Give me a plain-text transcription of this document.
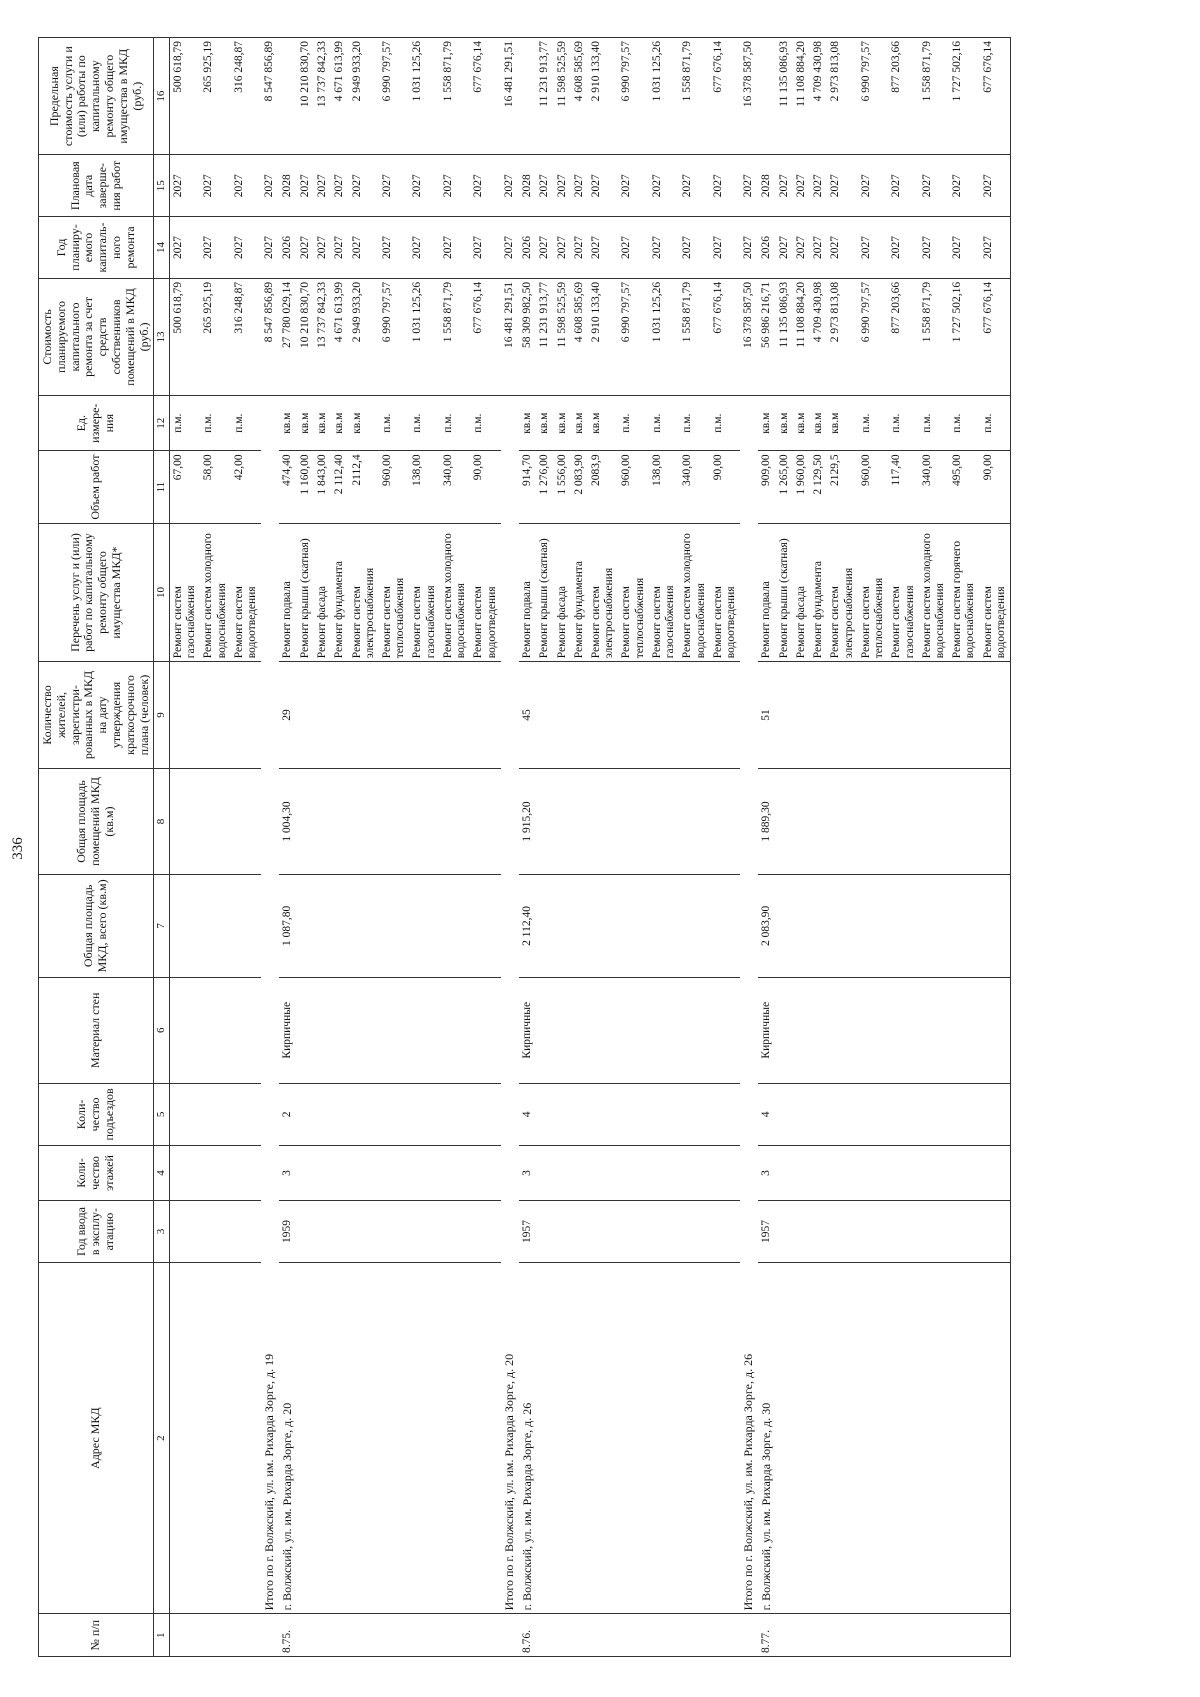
336
№ п/п	Адрес МКД	Год ввода в эксплу-атацию	Коли-чество этажей	Коли-чество подъездов	Материал стен	Общая площадь МКД, всего (кв.м)	Общая площадь помещений МКД (кв.м)	Количество жителей, зарегистри-рованных в МКД на дату утверждения краткосрочного плана (человек)	Перечень услуг и (или) работ по капитальному ремонту общего имущества МКД*	Объем работ	Ед. измере-ния	Стоимость планируемого капитального ремонта за счет средств собственников помещений в МКД (руб.)	Год планиру-емого капиталь-ного ремонта	Плановая дата заверше-ния работ	Предельная стоимость услуги и (или) работы по капитальному ремонту общего имущества в МКД (руб.)
1	2	3	4	5	6	7	8	9	10	11	12	13	14	15	16
									Ремонт систем газоснабжения	67,00	п.м.	500 618,79	2027	2027	500 618,79
									Ремонт систем холодного водоснабжения	58,00	п.м.	265 925,19	2027	2027	265 925,19
									Ремонт систем водоотведения	42,00	п.м.	316 248,87	2027	2027	316 248,87
	Итого по г. Волжский, ул. им. Рихарда Зорге, д. 19											8 547 856,89	2027	2027	8 547 856,89
8.75.	г. Волжский, ул. им. Рихарда Зорге, д. 20	1959	3	2	Кирпичные	1 087,80	1 004,30	29	Ремонт подвала	474,40	кв.м	27 780 029,14	2026	2028	
									Ремонт крыши (скатная)	1 160,00	кв.м	10 210 830,70	2027	2027	10 210 830,70
									Ремонт фасада	1 843,00	кв.м	13 737 842,33	2027	2027	13 737 842,33
									Ремонт фундамента	2 112,40	кв.м	4 671 613,99	2027	2027	4 671 613,99
									Ремонт систем электроснабжения	2112,4	кв.м	2 949 933,20	2027	2027	2 949 933,20
									Ремонт систем теплоснабжения	960,00	п.м.	6 990 797,57	2027	2027	6 990 797,57
									Ремонт систем газоснабжения	138,00	п.м.	1 031 125,26	2027	2027	1 031 125,26
									Ремонт систем холодного водоснабжения	340,00	п.м.	1 558 871,79	2027	2027	1 558 871,79
									Ремонт систем водоотведения	90,00	п.м.	677 676,14	2027	2027	677 676,14
	Итого по г. Волжский, ул. им. Рихарда Зорге, д. 20											16 481 291,51	2027	2027	16 481 291,51
8.76.	г. Волжский, ул. им. Рихарда Зорге, д. 26	1957	3	4	Кирпичные	2 112,40	1 915,20	45	Ремонт подвала	914,70	кв.м	58 309 982,50	2026	2028	
									Ремонт крыши (скатная)	1 276,00	кв.м	11 231 913,77	2027	2027	11 231 913,77
									Ремонт фасада	1 556,00	кв.м	11 598 525,59	2027	2027	11 598 525,59
									Ремонт фундамента	2 083,90	кв.м	4 608 585,69	2027	2027	4 608 585,69
									Ремонт систем электроснабжения	2083,9	кв.м	2 910 133,40	2027	2027	2 910 133,40
									Ремонт систем теплоснабжения	960,00	п.м.	6 990 797,57	2027	2027	6 990 797,57
									Ремонт систем газоснабжения	138,00	п.м.	1 031 125,26	2027	2027	1 031 125,26
									Ремонт систем холодного водоснабжения	340,00	п.м.	1 558 871,79	2027	2027	1 558 871,79
									Ремонт систем водоотведения	90,00	п.м.	677 676,14	2027	2027	677 676,14
	Итого по г. Волжский, ул. им. Рихарда Зорге, д. 26											16 378 587,50	2027	2027	16 378 587,50
8.77.	г. Волжский, ул. им. Рихарда Зорге, д. 30	1957	3	4	Кирпичные	2 083,90	1 889,30	51	Ремонт подвала	909,00	кв.м	56 986 216,71	2026	2028	
									Ремонт крыши (скатная)	1 265,00	кв.м	11 135 086,93	2027	2027	11 135 086,93
									Ремонт фасада	1 960,00	кв.м	11 108 884,20	2027	2027	11 108 884,20
									Ремонт фундамента	2 129,50	кв.м	4 709 430,98	2027	2027	4 709 430,98
									Ремонт систем электроснабжения	2129,5	кв.м	2 973 813,08	2027	2027	2 973 813,08
									Ремонт систем теплоснабжения	960,00	п.м.	6 990 797,57	2027	2027	6 990 797,57
									Ремонт систем газоснабжения	117,40	п.м.	877 203,66	2027	2027	877 203,66
									Ремонт систем холодного водоснабжения	340,00	п.м.	1 558 871,79	2027	2027	1 558 871,79
									Ремонт систем горячего водоснабжения	495,00	п.м.	1 727 502,16	2027	2027	1 727 502,16
									Ремонт систем водоотведения	90,00	п.м.	677 676,14	2027	2027	677 676,14
